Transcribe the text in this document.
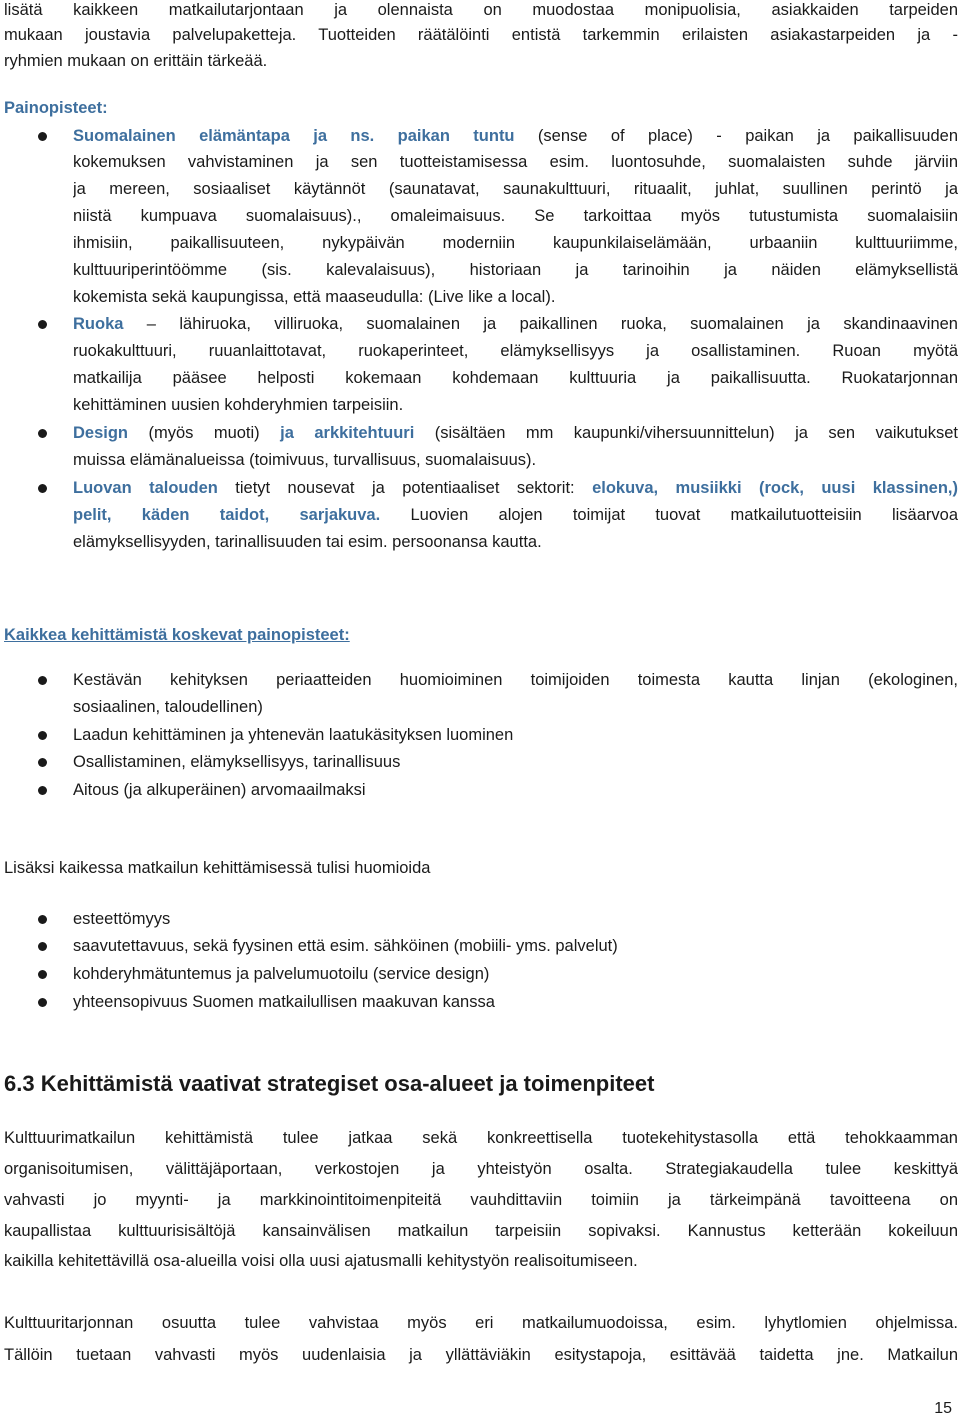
lisätä kaikkeen matkailutarjontaan ja olennaista on muodostaa monipuolisia, asiakkaiden tarpeiden

mukaan joustavia palvelupaketteja. Tuotteiden räätälöinti entistä tarkemmin erilaisten asiakastarpeiden ja -

ryhmien mukaan on erittäin tärkeää.

Painopisteet:

Suomalainen elämäntapa ja ns. paikan tuntu (sense of place) - paikan ja paikallisuuden

kokemuksen vahvistaminen ja sen tuotteistamisessa esim. luontosuhde, suomalaisten suhde järviin

ja mereen, sosiaaliset käytännöt (saunatavat, saunakulttuuri, rituaalit, juhlat, suullinen perintö ja

niistä kumpuava suomalaisuus)., omaleimaisuus. Se tarkoittaa myös tutustumista suomalaisiin

ihmisiin, paikallisuuteen, nykypäivän moderniin kaupunkilaiselämään, urbaaniin kulttuuriimme,

kulttuuriperintöömme (sis. kalevalaisuus), historiaan ja tarinoihin ja näiden elämyksellistä

kokemista sekä kaupungissa, että maaseudulla: (Live like a local).

Ruoka – lähiruoka, villiruoka, suomalainen ja paikallinen ruoka, suomalainen ja skandinaavinen

ruokakulttuuri, ruuanlaittotavat, ruokaperinteet, elämyksellisyys ja osallistaminen. Ruoan myötä

matkailija pääsee helposti kokemaan kohdemaan kulttuuria ja paikallisuutta. Ruokatarjonnan

kehittäminen uusien kohderyhmien tarpeisiin.

Design (myös muoti) ja arkkitehtuuri (sisältäen mm kaupunki/vihersuunnittelun) ja sen vaikutukset

muissa elämänalueissa (toimivuus, turvallisuus, suomalaisuus).

Luovan talouden tietyt nousevat ja potentiaaliset sektorit: elokuva, musiikki (rock, uusi klassinen,)

pelit, käden taidot, sarjakuva. Luovien alojen toimijat tuovat matkailutuotteisiin lisäarvoa

elämyksellisyyden, tarinallisuuden tai esim. persoonansa kautta.

Kaikkea kehittämistä koskevat painopisteet:

Kestävän kehityksen periaatteiden huomioiminen toimijoiden toimesta kautta linjan (ekologinen,

sosiaalinen, taloudellinen)

Laadun kehittäminen ja yhtenevän laatukäsityksen luominen

Osallistaminen, elämyksellisyys, tarinallisuus

Aitous (ja alkuperäinen) arvomaailmaksi

Lisäksi kaikessa matkailun kehittämisessä tulisi huomioida

esteettömyys

saavutettavuus, sekä fyysinen että esim. sähköinen (mobiili- yms. palvelut)

kohderyhmätuntemus ja palvelumuotoilu (service design)

yhteensopivuus Suomen matkailullisen maakuvan kanssa

6.3 Kehittämistä vaativat strategiset osa-alueet ja toimenpiteet

Kulttuurimatkailun kehittämistä tulee jatkaa sekä konkreettisella tuotekehitystasolla että tehokkaamman

organisoitumisen, välittäjäportaan, verkostojen ja yhteistyön osalta. Strategiakaudella tulee keskittyä

vahvasti jo myynti- ja markkinointitoimenpiteitä vauhdittaviin toimiin ja tärkeimpänä tavoitteena on

kaupallistaa kulttuurisisältöjä kansainvälisen matkailun tarpeisiin sopivaksi. Kannustus ketterään kokeiluun

kaikilla kehitettävillä osa-alueilla voisi olla uusi ajatusmalli kehitystyön realisoitumiseen.

Kulttuuritarjonnan osuutta tulee vahvistaa myös eri matkailumuodoissa, esim. lyhytlomien ohjelmissa.

Tällöin tuetaan vahvasti myös uudenlaisia ja yllättäviäkin esitystapoja, esittävää taidetta jne. Matkailun

15
